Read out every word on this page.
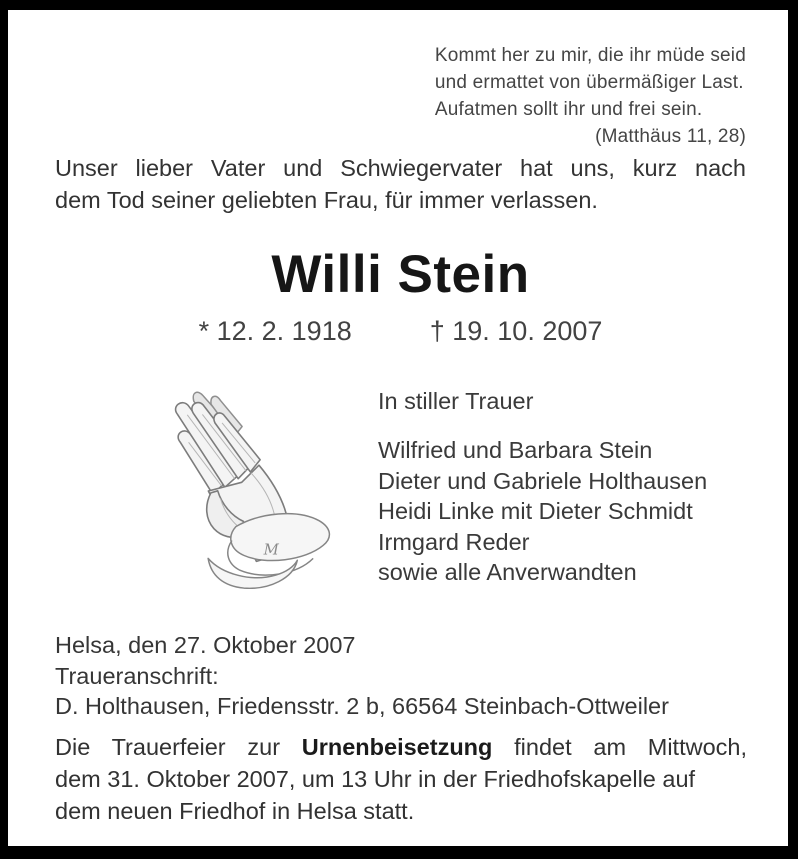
Kommt her zu mir, die ihr müde seid
und ermattet von übermäßiger Last.
Aufatmen sollt ihr und frei sein.
(Matthäus 11, 28)
Unser lieber Vater und Schwiegervater hat uns, kurz nach
dem Tod seiner geliebten Frau, für immer verlassen.
Willi Stein
* 12. 2. 1918	† 19. 10. 2007
M
In stiller Trauer
Wilfried und Barbara Stein
Dieter und Gabriele Holthausen
Heidi Linke mit Dieter Schmidt
Irmgard Reder
sowie alle Anverwandten
Helsa, den 27. Oktober 2007
Traueranschrift:
D. Holthausen, Friedensstr. 2 b, 66564 Steinbach-Ottweiler
Die Trauerfeier zur Urnenbeisetzung findet am Mittwoch,
dem 31. Oktober 2007, um 13 Uhr in der Friedhofskapelle auf
dem neuen Friedhof in Helsa statt.
